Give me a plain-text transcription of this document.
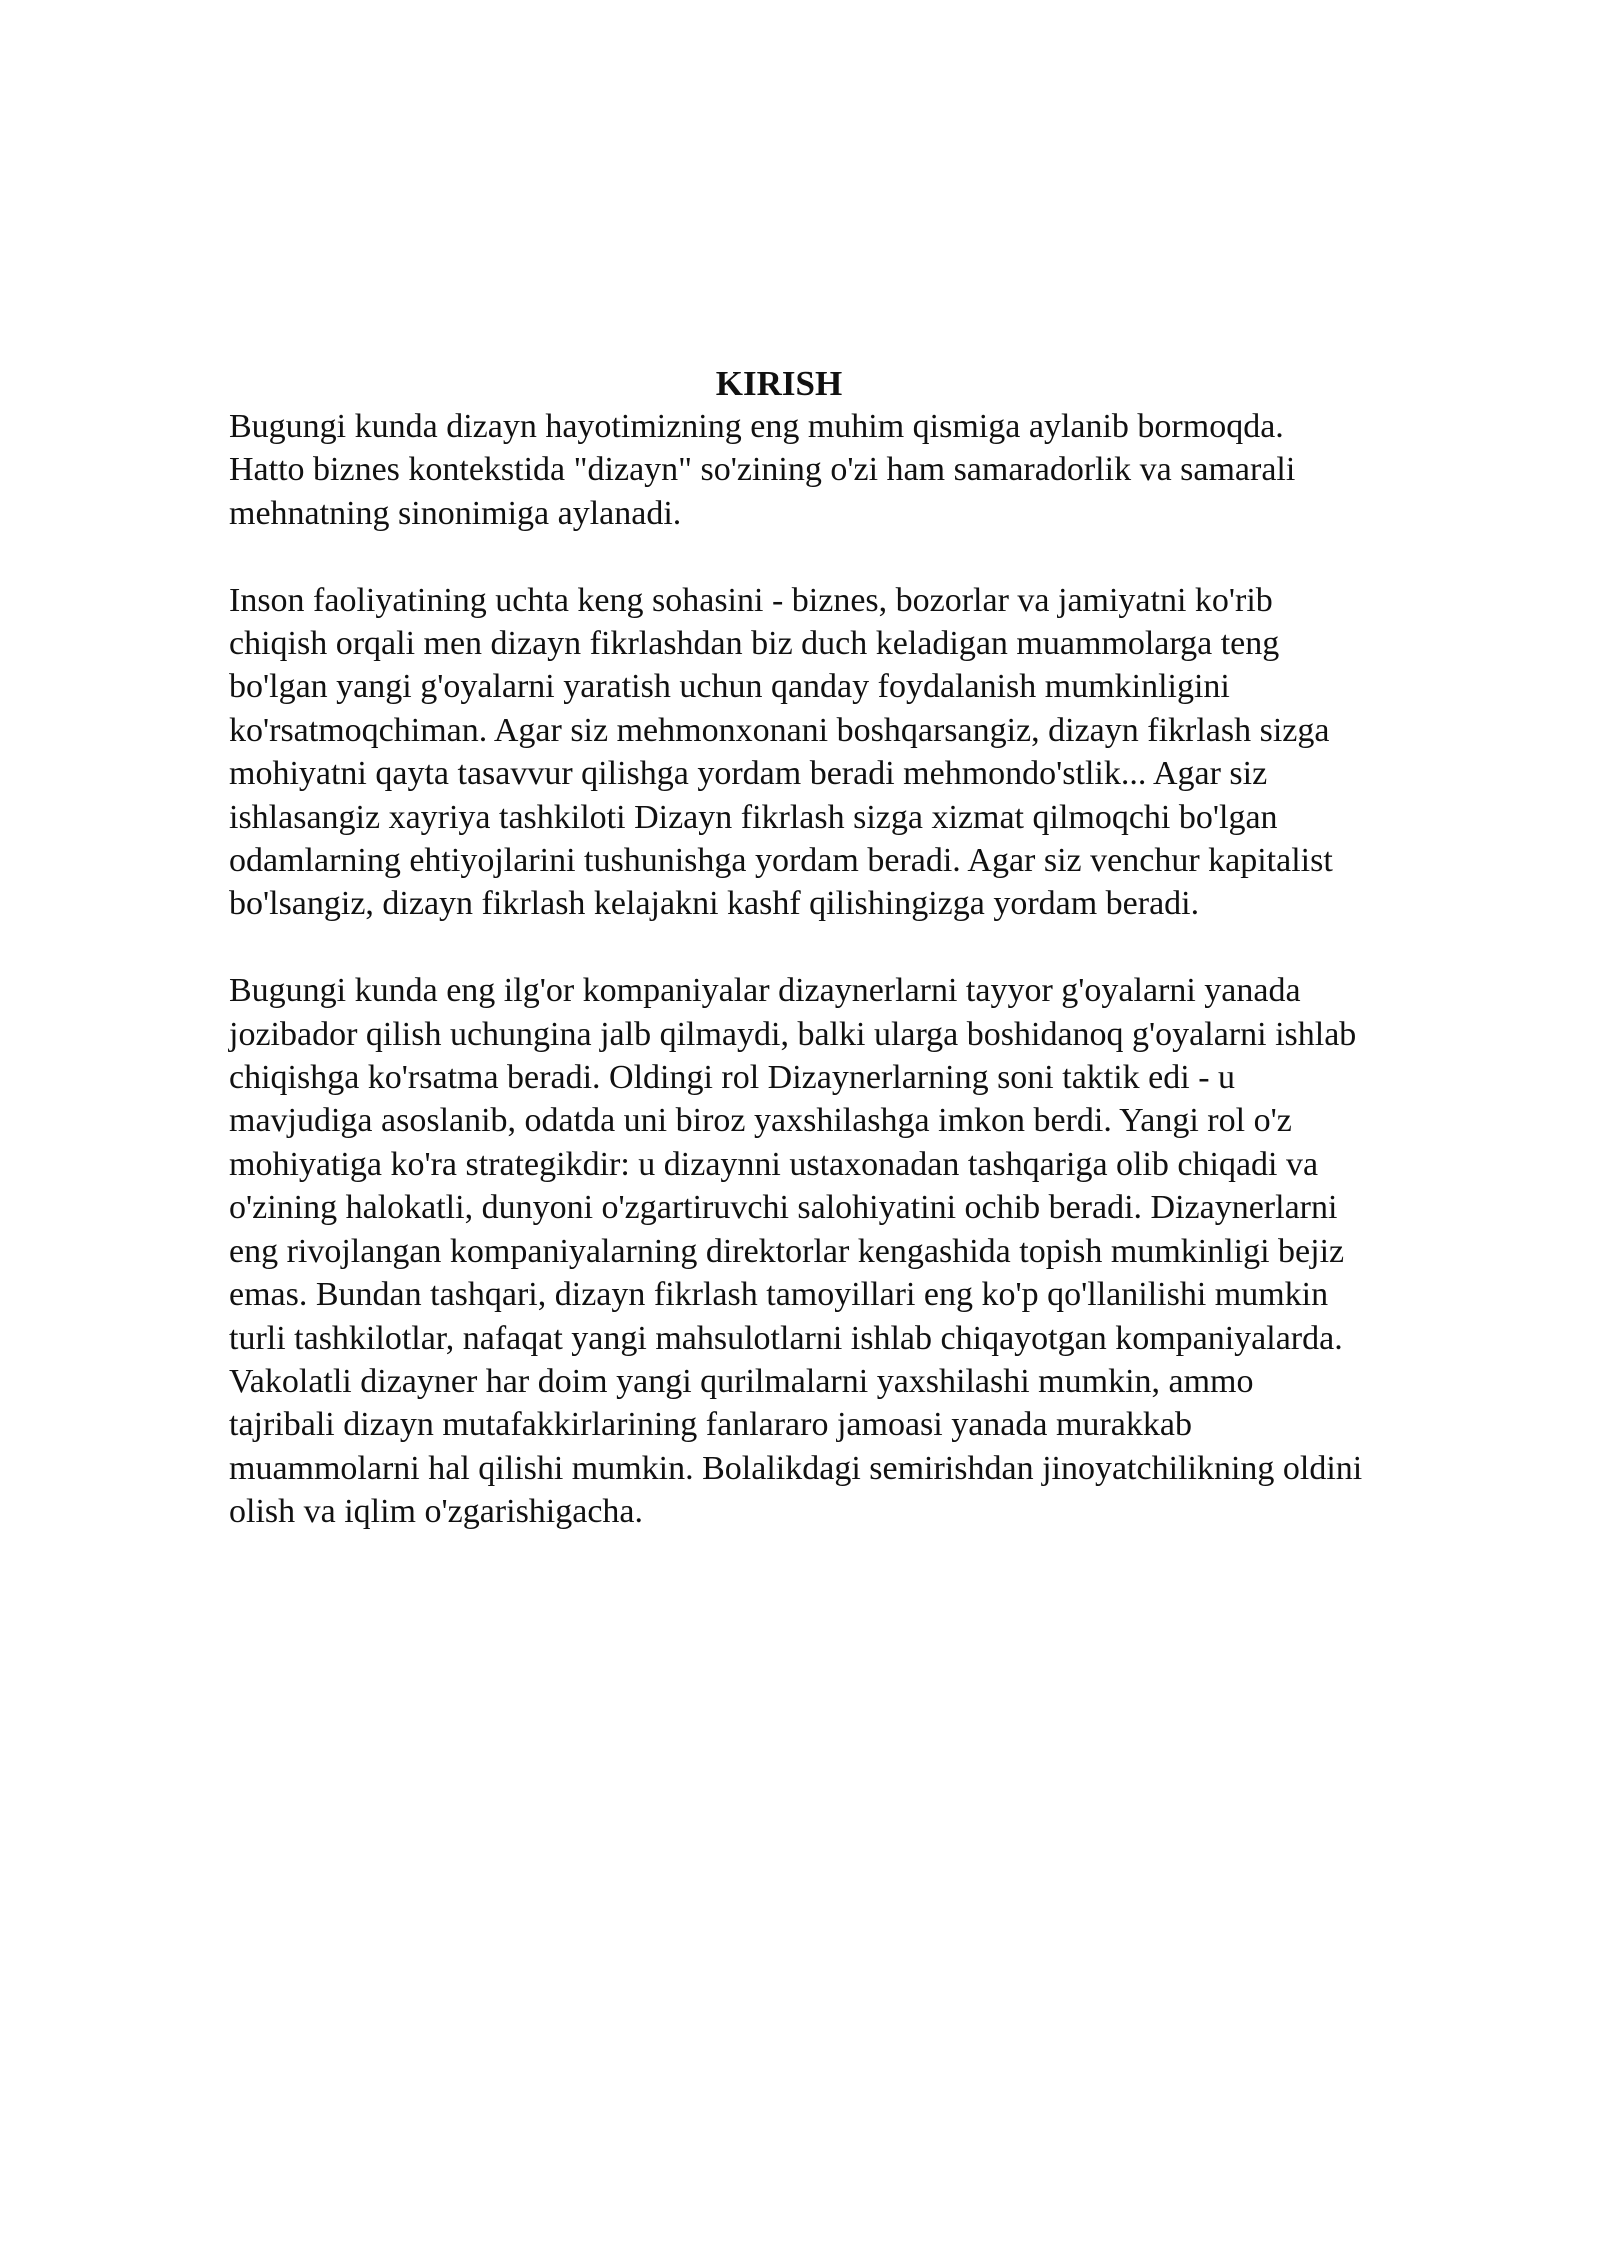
KIRISH
Bugungi kunda dizayn hayotimizning eng muhim qismiga aylanib bormoqda.
Hatto biznes kontekstida "dizayn" so'zining o'zi ham samaradorlik va samarali
mehnatning sinonimiga aylanadi.
Inson faoliyatining uchta keng sohasini - biznes, bozorlar va jamiyatni ko'rib
chiqish orqali men dizayn fikrlashdan biz duch keladigan muammolarga teng
bo'lgan yangi g'oyalarni yaratish uchun qanday foydalanish mumkinligini
ko'rsatmoqchiman. Agar siz mehmonxonani boshqarsangiz, dizayn fikrlash sizga
mohiyatni qayta tasavvur qilishga yordam beradi mehmondo'stlik... Agar siz
ishlasangiz xayriya tashkiloti Dizayn fikrlash sizga xizmat qilmoqchi bo'lgan
odamlarning ehtiyojlarini tushunishga yordam beradi. Agar siz venchur kapitalist
bo'lsangiz, dizayn fikrlash kelajakni kashf qilishingizga yordam beradi.
Bugungi kunda eng ilg'or kompaniyalar dizaynerlarni tayyor g'oyalarni yanada
jozibador qilish uchungina jalb qilmaydi, balki ularga boshidanoq g'oyalarni ishlab
chiqishga ko'rsatma beradi. Oldingi rol Dizaynerlarning soni taktik edi - u
mavjudiga asoslanib, odatda uni biroz yaxshilashga imkon berdi. Yangi rol o'z
mohiyatiga ko'ra strategikdir: u dizaynni ustaxonadan tashqariga olib chiqadi va
o'zining halokatli, dunyoni o'zgartiruvchi salohiyatini ochib beradi. Dizaynerlarni
eng rivojlangan kompaniyalarning direktorlar kengashida topish mumkinligi bejiz
emas. Bundan tashqari, dizayn fikrlash tamoyillari eng ko'p qo'llanilishi mumkin
turli tashkilotlar, nafaqat yangi mahsulotlarni ishlab chiqayotgan kompaniyalarda.
Vakolatli dizayner har doim yangi qurilmalarni yaxshilashi mumkin, ammo
tajribali dizayn mutafakkirlarining fanlararo jamoasi yanada murakkab
muammolarni hal qilishi mumkin. Bolalikdagi semirishdan jinoyatchilikning oldini
olish va iqlim o'zgarishigacha.
